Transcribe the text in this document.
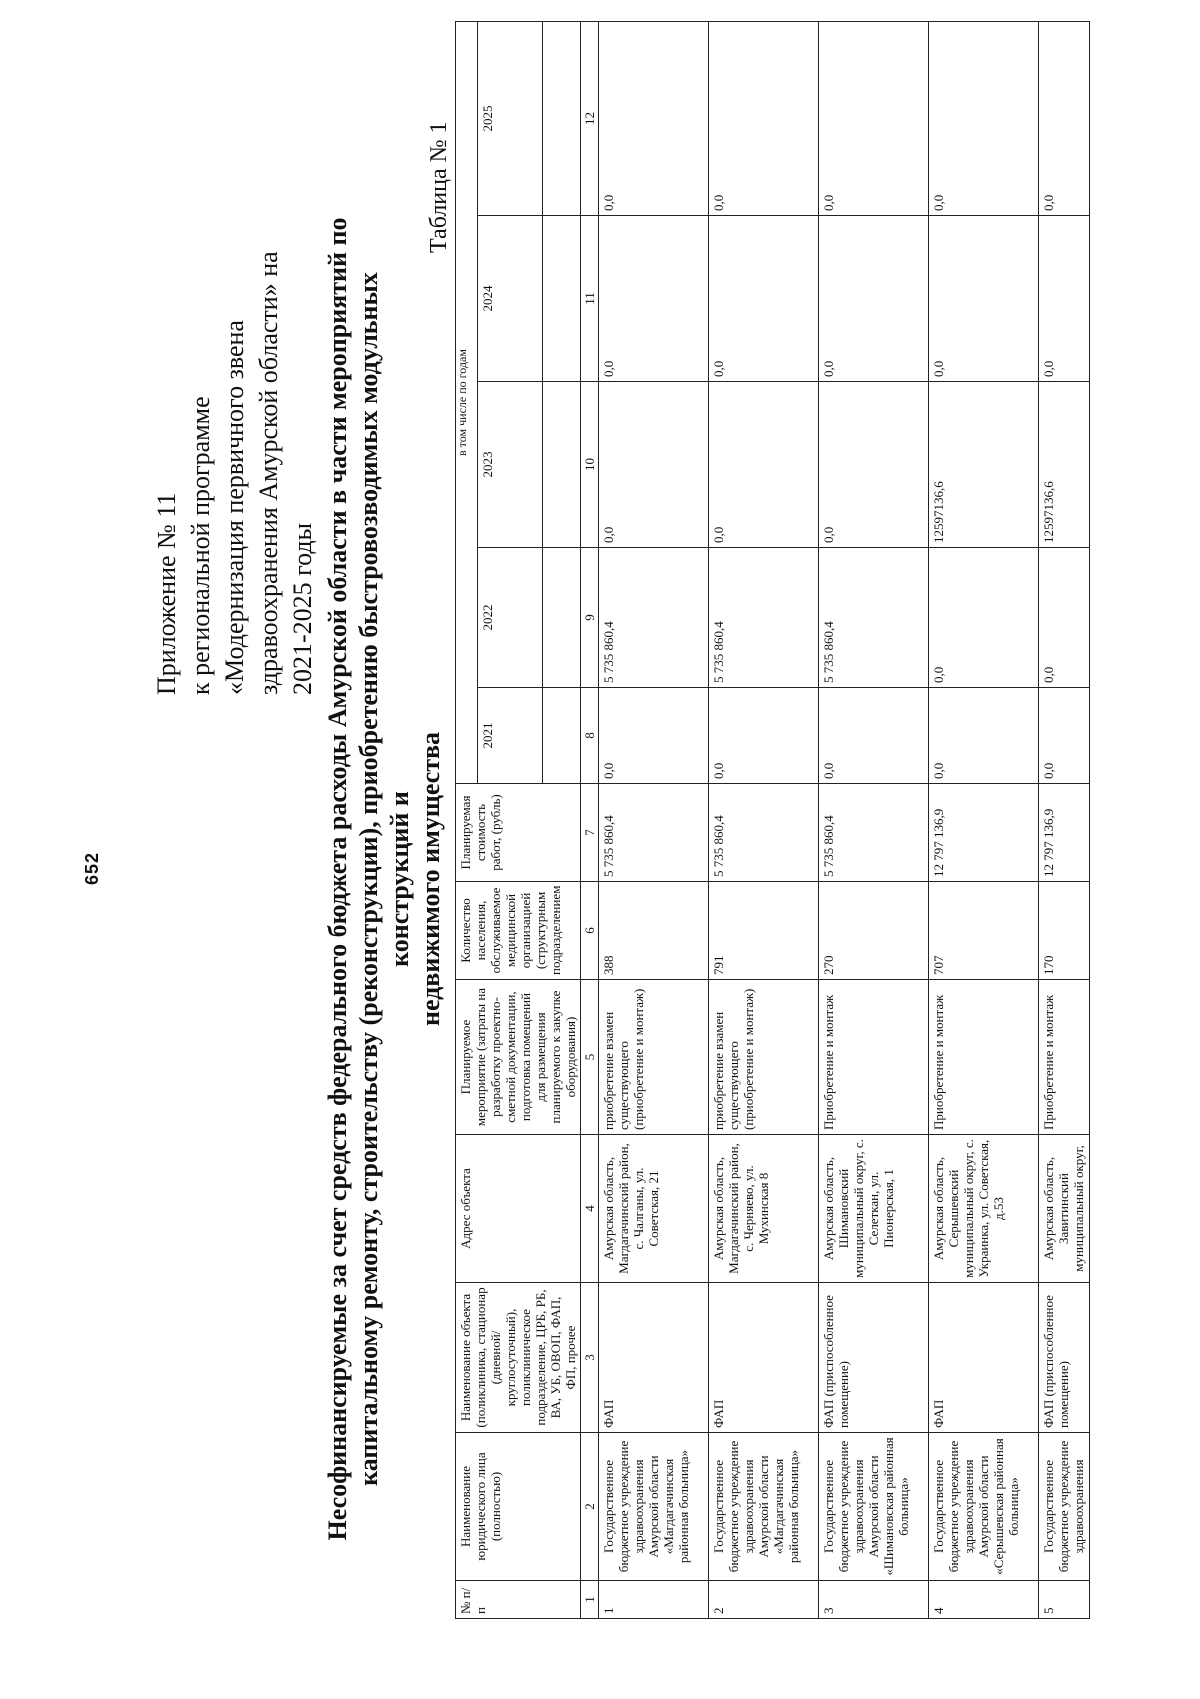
652
Приложение № 11 к региональной программе «Модернизация первичного звена здравоохранения Амурской области» на 2021-2025 годы Несофинансируемые за счет средств федерального бюджета расходы Амурской области в части мероприятий по капитальному ремонту, строительству (реконструкции), приобретению быстровозводимых модульных конструкций и недвижимого имущества
Таблица № 1
№ п/п	Наименование юридического лица (полностью)	Наименование объекта (поликлиника, стационар (дневной/круглосуточный), поликлиническое подразделение, ЦРБ, РБ, ВА, УБ, ОВОП, ФАП, ФП, прочее	Адрес объекта	Планируемое мероприятие (затраты на разработку проектно-сметной документации, подготовка помещений для размещения планируемого к закупке оборудования)	Количество населения, обслуживаемое медицинской организацией (структурным подразделением	Планируемая стоимость работ, (рубль)	в том числе по годам				
							2021	2022	2023	2024	2025

1	2	3	4	5	6	7	8	9	10	11	12
1	Государственное бюджетное учреждение здравоохранения Амурской области «Магдагачинская районная больница»	ФАП	Амурская область, Магдагачинский район, с. Чалганы, ул. Советская, 21	приобретение взамен существующего (приобретение и монтаж)	388	5 735 860,4	0,0	5 735 860,4	0,0	0,0	0,0
2	Государственное бюджетное учреждение здравоохранения Амурской области «Магдагачинская районная больница»	ФАП	Амурская область, Магдагачинский район, с. Черняево, ул. Мухинская 8	приобретение взамен существующего (приобретение и монтаж)	791	5 735 860,4	0,0	5 735 860,4	0,0	0,0	0,0
3	Государственное бюджетное учреждение здравоохранения Амурской области «Шимановская районная больница»	ФАП (приспособленное помещение)	Амурская область, Шимановский муниципальный округ, с. Селеткан, ул. Пионерская, 1	Приобретение и монтаж	270	5 735 860,4	0,0	5 735 860,4	0,0	0,0	0,0
4	Государственное бюджетное учреждение здравоохранения Амурской области «Серышевская районная больница»	ФАП	Амурская область, Серышевский муниципальный округ, с. Украинка, ул. Советская, д.53	Приобретение и монтаж	707	12 797 136,9	0,0	0,0	12597136,6	0,0	0,0
5	Государственное бюджетное учреждение здравоохранения	ФАП (приспособленное помещение)	Амурская область, Завитинский муниципальный округ,	Приобретение и монтаж	170	12 797 136,9	0,0	0,0	12597136,6	0,0	0,0
